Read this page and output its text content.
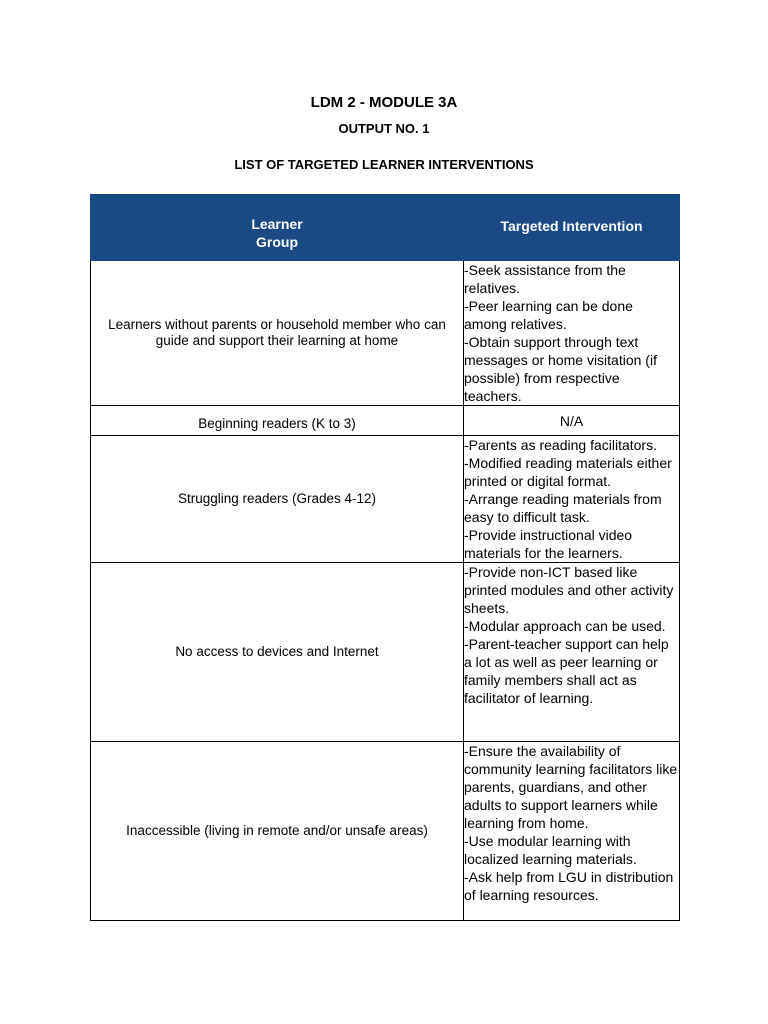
LDM 2 - MODULE 3A
OUTPUT NO. 1
LIST OF TARGETED LEARNER INTERVENTIONS
Learner
Group	Targeted Intervention
Learners without parents or household member who can guide and support their learning at home	-Seek assistance from the relatives.
-Peer learning can be done among relatives.
-Obtain support through text messages or home visitation (if possible) from respective teachers.

Beginning readers (K to 3)	N/A
Struggling readers (Grades 4-12)	-Parents as reading facilitators.
-Modified reading materials either printed or digital format.
-Arrange reading materials from easy to difficult task.
-Provide instructional video materials for the learners.

No access to devices and Internet	-Provide non-ICT based like printed modules and other activity sheets.
-Modular approach can be used.
-Parent-teacher support can help a lot as well as peer learning or family members shall act as facilitator of learning.

Inaccessible (living in remote and/or unsafe areas)	-Ensure the availability of community learning facilitators like parents, guardians, and other adults to support learners while learning from home.
-Use modular learning with localized learning materials.
-Ask help from LGU in distribution of learning resources.
